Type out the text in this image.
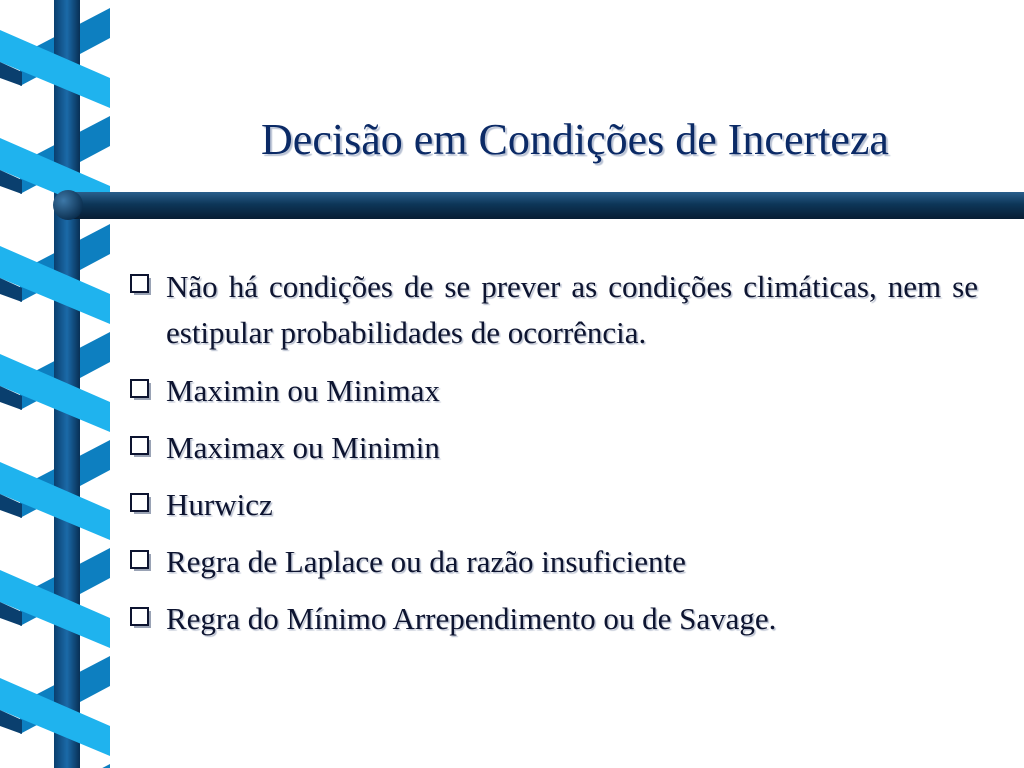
Decisão em Condições de Incerteza
Não há condições de se prever as condições climáticas, nem se estipular probabilidades de ocorrência.
Maximin ou Minimax
Maximax ou Minimin
Hurwicz
Regra de Laplace ou da razão insuficiente
Regra do Mínimo Arrependimento ou de Savage.
